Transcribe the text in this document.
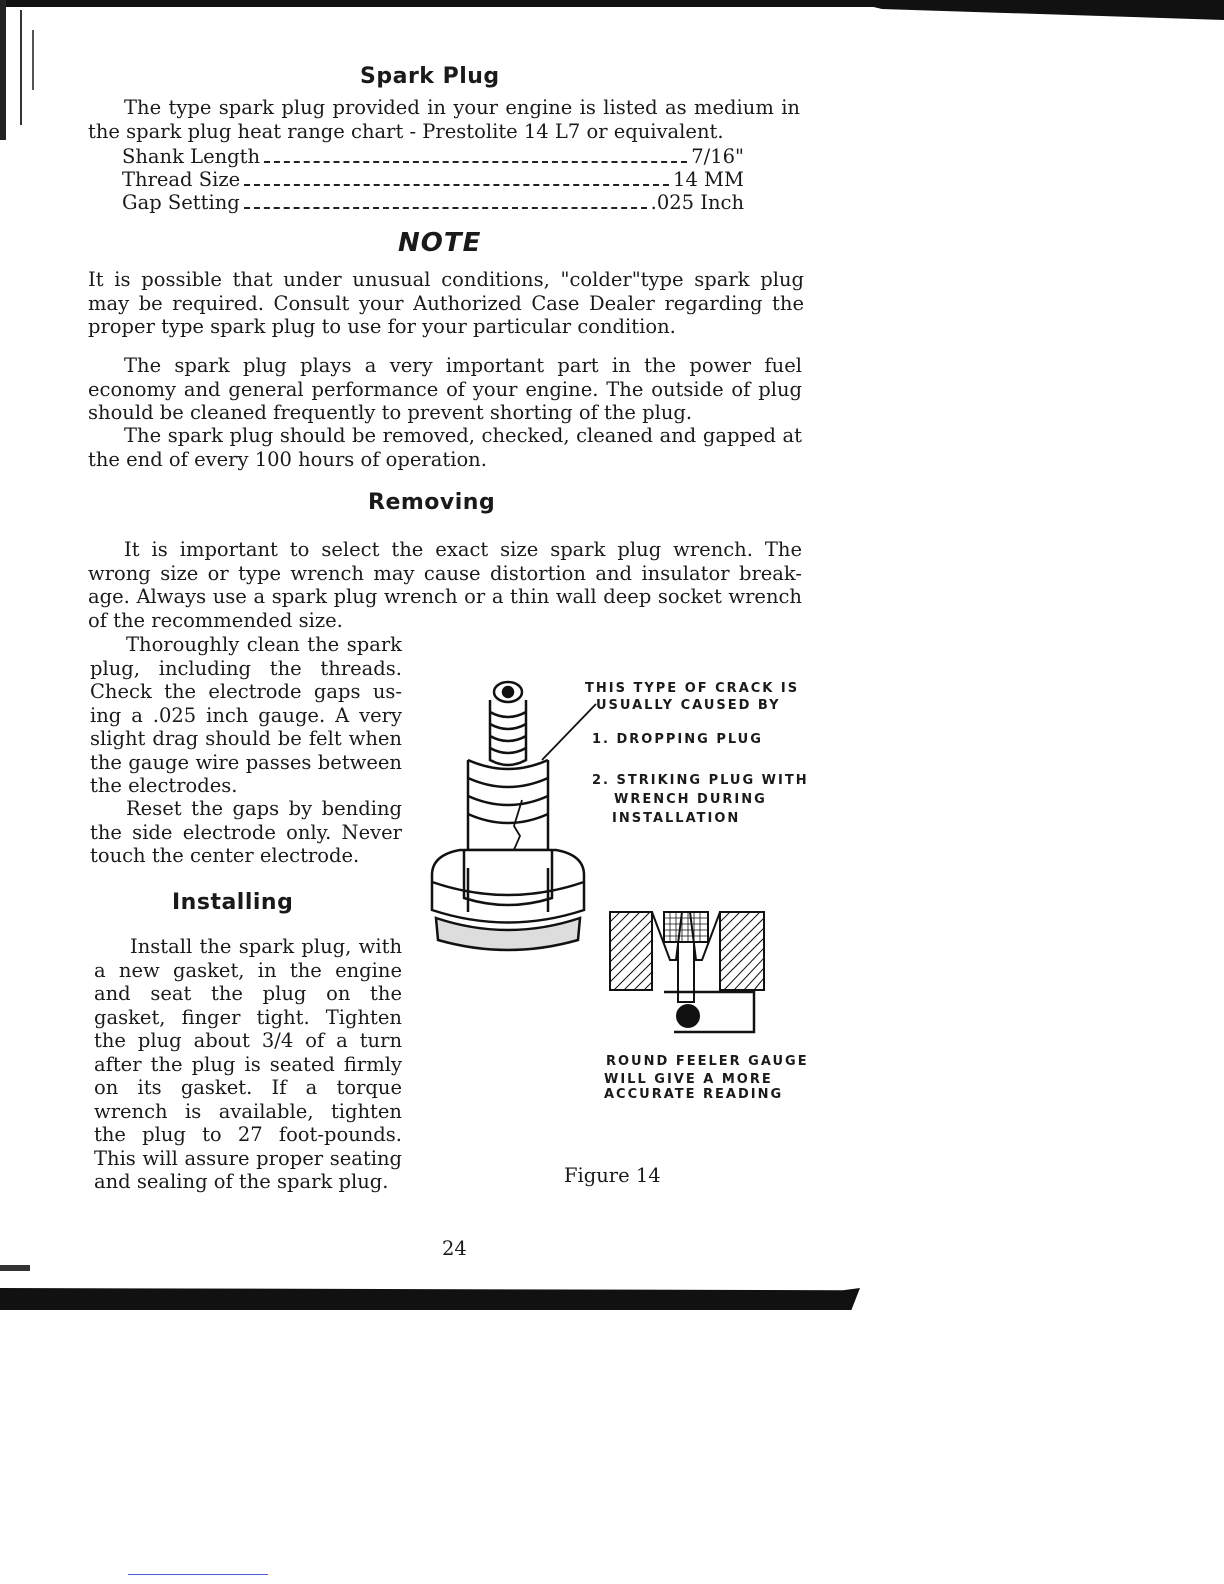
Spark Plug

The type spark plug provided in your engine is listed as medium in the spark plug heat range chart - Prestolite 14 L7 or equivalent.

Shank Length	7/16"
Thread Size	14 MM
Gap Setting	.025 Inch
NOTE

It is possible that under unusual conditions, "colder"type spark plug may be required. Consult your Authorized Case Dealer regarding the proper type spark plug to use for your particular condition.

The spark plug plays a very important part in the power fuel economy and general performance of your engine. The outside of plug should be cleaned frequently to prevent shorting of the plug.

The spark plug should be removed, checked, cleaned and gapped at the end of every 100 hours of operation.

Removing

It is important to select the exact size spark plug wrench. The wrong size or type wrench may cause distortion and insulator break-age. Always use a spark plug wrench or a thin wall deep socket wrench of the recommended size.

Thoroughly clean the spark plug, including the threads. Check the electrode gaps us-ing a .025 inch gauge. A very slight drag should be felt when the gauge wire passes between the electrodes.

Reset the gaps by bending the side electrode only. Never touch the center electrode.

Installing

Install the spark plug, with a new gasket, in the engine and seat the plug on the gasket, finger tight. Tighten the plug about 3/4 of a turn after the plug is seated firmly on its gasket. If a torque wrench is available, tighten the plug to 27 foot-pounds. This will assure proper seating and sealing of the spark plug.

THIS TYPE OF CRACK IS

USUALLY CAUSED BY

1. DROPPING PLUG

2. STRIKING PLUG WITH

WRENCH DURING

INSTALLATION

ROUND FEELER GAUGE

WILL GIVE A MORE

ACCURATE READING

Figure 14

24
